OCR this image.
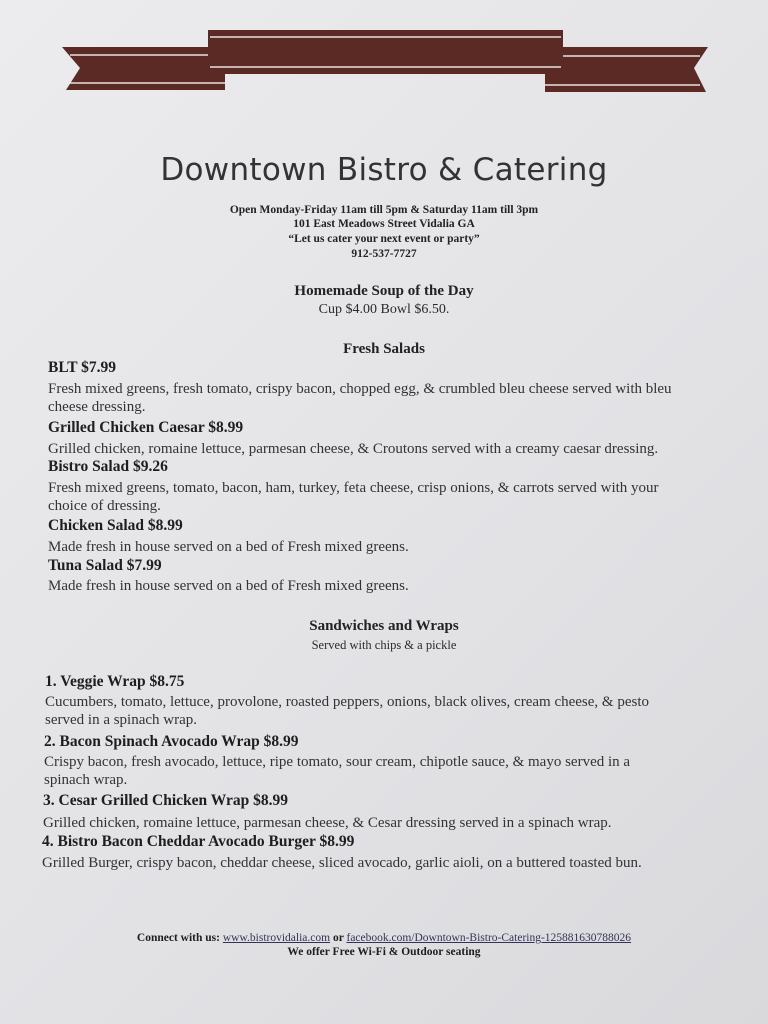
Downtown Bistro & Catering
Open Monday-Friday 11am till 5pm & Saturday 11am till 3pm
101 East Meadows Street Vidalia GA
“Let us cater your next event or party”
912-537-7727
Homemade Soup of the Day
Cup $4.00 Bowl $6.50.
Fresh Salads
BLT $7.99
Fresh mixed greens, fresh tomato, crispy bacon, chopped egg, & crumbled bleu cheese served with bleu
cheese dressing.
Grilled Chicken Caesar $8.99
Grilled chicken, romaine lettuce, parmesan cheese, & Croutons served with a creamy caesar dressing.
Bistro Salad $9.26
Fresh mixed greens, tomato, bacon, ham, turkey, feta cheese, crisp onions, & carrots served with your
choice of dressing.
Chicken Salad $8.99
Made fresh in house served on a bed of Fresh mixed greens.
Tuna Salad $7.99
Made fresh in house served on a bed of Fresh mixed greens.
Sandwiches and Wraps
Served with chips & a pickle
1. Veggie Wrap $8.75
Cucumbers, tomato, lettuce, provolone, roasted peppers, onions, black olives, cream cheese, & pesto
served in a spinach wrap.
2. Bacon Spinach Avocado Wrap $8.99
Crispy bacon, fresh avocado, lettuce, ripe tomato, sour cream, chipotle sauce, & mayo served in a
spinach wrap.
3. Cesar Grilled Chicken Wrap $8.99
Grilled chicken, romaine lettuce, parmesan cheese, & Cesar dressing served in a spinach wrap.
4. Bistro Bacon Cheddar Avocado Burger $8.99
Grilled Burger, crispy bacon, cheddar cheese, sliced avocado, garlic aioli, on a buttered toasted bun.
Connect with us: www.bistrovidalia.com or facebook.com/Downtown-Bistro-Catering-125881630788026
We offer Free Wi-Fi & Outdoor seating
